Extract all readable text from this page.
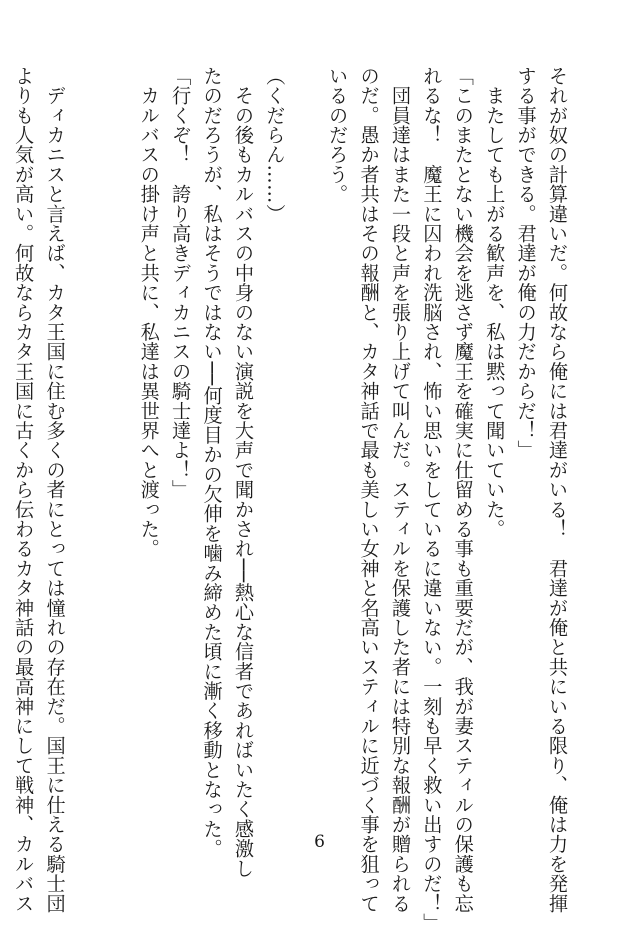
それが奴の計算違いだ。何故なら俺には君達がいる！　君達が俺と共にいる限り、俺は力を発揮
する事ができる。君達が俺の力だからだ！」
　またしても上がる歓声を、私は黙って聞いていた。
「このまたとない機会を逃さず魔王を確実に仕留める事も重要だが、我が妻スティルの保護も忘
れるな！　魔王に囚われ洗脳され、怖い思いをしているに違いない。一刻も早く救い出すのだ！」
　団員達はまた一段と声を張り上げて叫んだ。スティルを保護した者には特別な報酬が贈られる
のだ。愚か者共はその報酬と、カタ神話で最も美しい女神と名高いスティルに近づく事を狙って
いるのだろう。
（くだらん……）
　その後もカルバスの中身のない演説を大声で聞かされ──熱心な信者であればいたく感激し
たのだろうが、私はそうではない──何度目かの欠伸を噛み締めた頃に漸く移動となった。
「行くぞ！　誇り高きディカニスの騎士達よ！」
　カルバスの掛け声と共に、私達は異世界へと渡った。
　ディカニスと言えば、カタ王国に住む多くの者にとっては憧れの存在だ。国王に仕える騎士団
よりも人気が高い。何故ならカタ王国に古くから伝わるカタ神話の最高神にして戦神、カルバス	6
